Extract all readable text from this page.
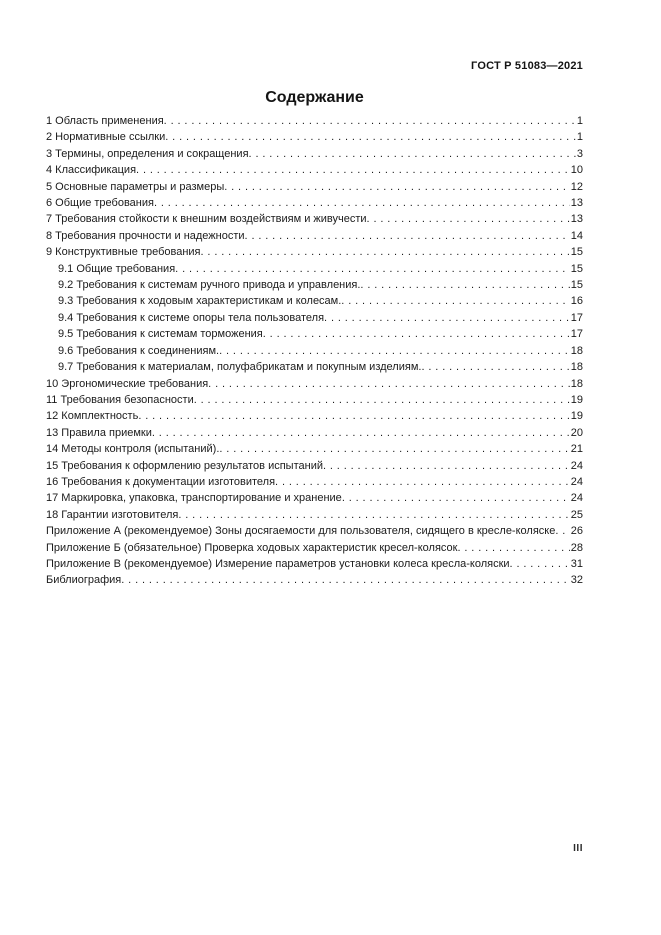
ГОСТ Р 51083—2021
Содержание
1 Область применения . . .	1
2 Нормативные ссылки . . .	1
3 Термины, определения и сокращения . . .	3
4 Классификация . . .	10
5 Основные параметры и размеры . . .	12
6 Общие требования . . .	13
7 Требования стойкости к внешним воздействиям и живучести . . .	13
8 Требования прочности и надежности . . .	14
9 Конструктивные требования . . .	15
9.1 Общие требования . . .	15
9.2 Требования к системам ручного привода и управления. . . .	15
9.3 Требования к ходовым характеристикам и колесам. . . .	16
9.4 Требования к системе опоры тела пользователя . . .	17
9.5 Требования к системам торможения . . .	17
9.6 Требования к соединениям. . . .	18
9.7 Требования к материалам, полуфабрикатам и покупным изделиям. . . .	18
10 Эргономические требования . . .	18
11 Требования безопасности . . .	19
12 Комплектность . . .	19
13 Правила приемки . . .	20
14 Методы контроля (испытаний). . . .	21
15 Требования к оформлению результатов испытаний . . .	24
16 Требования к документации изготовителя . . .	24
17 Маркировка, упаковка, транспортирование и хранение . . .	24
18 Гарантии изготовителя . . .	25
Приложение А (рекомендуемое) Зоны досягаемости для пользователя, сидящего в кресле-коляске . . . 26
Приложение Б (обязательное) Проверка ходовых характеристик кресел-колясок . . .	28
Приложение В (рекомендуемое) Измерение параметров установки колеса кресла-коляски . . .	31
Библиография . . .	32
III
